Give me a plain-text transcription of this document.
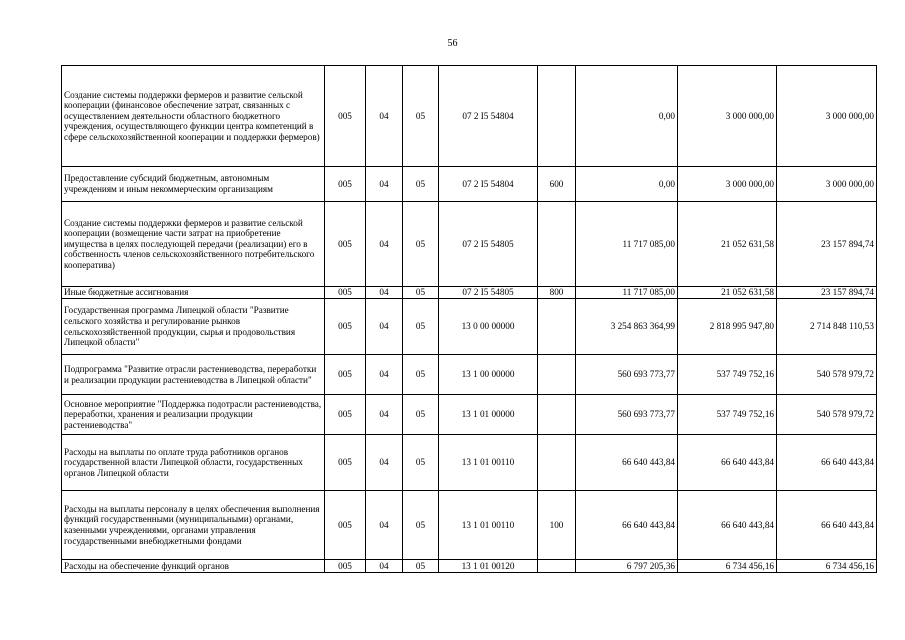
56
Создание системы поддержки фермеров и развитие сельской кооперации (финансовое обеспечение затрат, связанных с осуществлением деятельности областного бюджетного учреждения, осуществляющего функции центра компетенций в сфере сельскохозяйственной кооперации и поддержки фермеров)	005	04	05	07 2 I5 54804		0,00	3 000 000,00	3 000 000,00
Предоставление субсидий бюджетным, автономным учреждениям и иным некоммерческим организациям	005	04	05	07 2 I5 54804	600	0,00	3 000 000,00	3 000 000,00
Создание системы поддержки фермеров и развитие сельской кооперации (возмещение части затрат на приобретение имущества в целях последующей передачи (реализации) его в собственность членов сельскохозяйственного потребительского кооператива)	005	04	05	07 2 I5 54805		11 717 085,00	21 052 631,58	23 157 894,74
Иные бюджетные ассигнования	005	04	05	07 2 I5 54805	800	11 717 085,00	21 052 631,58	23 157 894,74
Государственная программа Липецкой области "Развитие сельского хозяйства и регулирование рынков сельскохозяйственной продукции, сырья и продовольствия Липецкой области"	005	04	05	13 0 00 00000		3 254 863 364,99	2 818 995 947,80	2 714 848 110,53
Подпрограмма "Развитие отрасли растениеводства, переработки и реализации продукции растениеводства в Липецкой области"	005	04	05	13 1 00 00000		560 693 773,77	537 749 752,16	540 578 979,72
Основное мероприятие "Поддержка подотрасли растениеводства, переработки, хранения и реализации продукции растениеводства"	005	04	05	13 1 01 00000		560 693 773,77	537 749 752,16	540 578 979,72
Расходы на выплаты по оплате труда работников органов государственной власти Липецкой области, государственных органов Липецкой области	005	04	05	13 1 01 00110		66 640 443,84	66 640 443,84	66 640 443,84
Расходы на выплаты персоналу в целях обеспечения выполнения функций государственными (муниципальными) органами, казенными учреждениями, органами управления государственными внебюджетными фондами	005	04	05	13 1 01 00110	100	66 640 443,84	66 640 443,84	66 640 443,84
Расходы на обеспечение функций органов	005	04	05	13 1 01 00120		6 797 205,36	6 734 456,16	6 734 456,16
